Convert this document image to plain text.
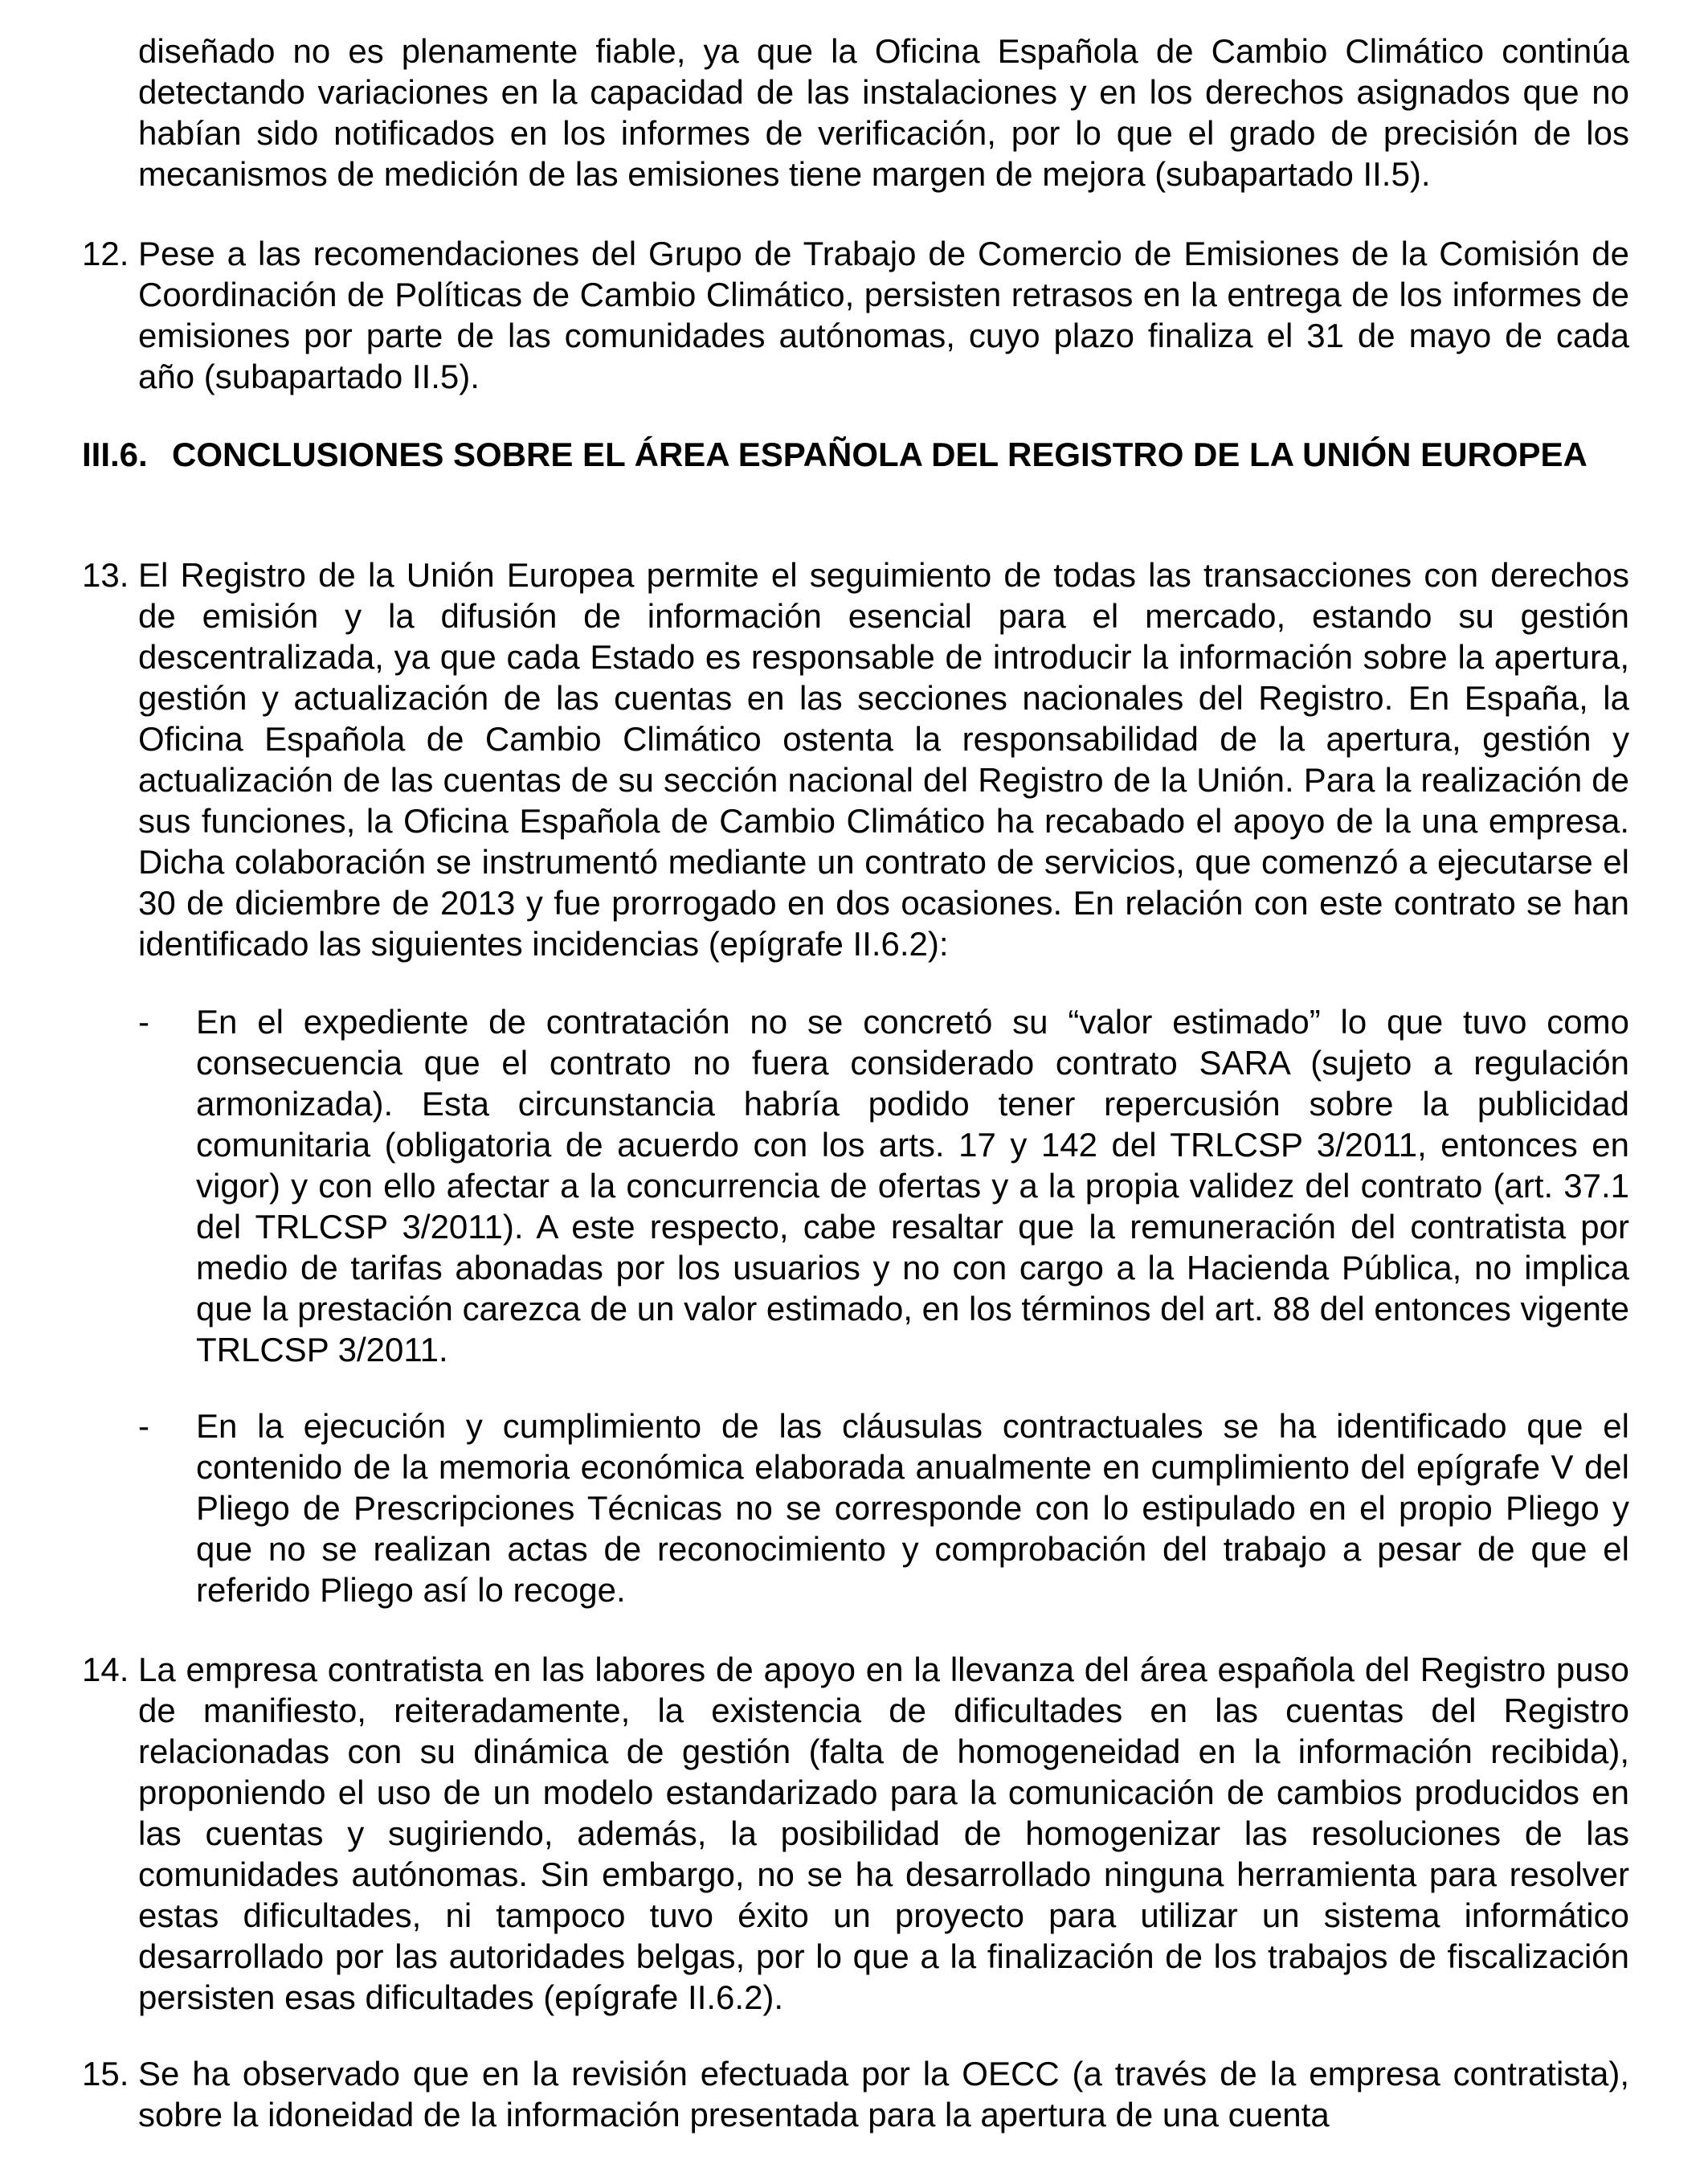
diseñado no es plenamente fiable, ya que la Oficina Española de Cambio Climático continúa detectando variaciones en la capacidad de las instalaciones y en los derechos asignados que no habían sido notificados en los informes de verificación, por lo que el grado de precisión de los mecanismos de medición de las emisiones tiene margen de mejora (subapartado II.5).
12. Pese a las recomendaciones del Grupo de Trabajo de Comercio de Emisiones de la Comisión de Coordinación de Políticas de Cambio Climático, persisten retrasos en la entrega de los informes de emisiones por parte de las comunidades autónomas, cuyo plazo finaliza el 31 de mayo de cada año (subapartado II.5).
III.6. CONCLUSIONES SOBRE EL ÁREA ESPAÑOLA DEL REGISTRO DE LA UNIÓN EUROPEA
13. El Registro de la Unión Europea permite el seguimiento de todas las transacciones con derechos de emisión y la difusión de información esencial para el mercado, estando su gestión descentralizada, ya que cada Estado es responsable de introducir la información sobre la apertura, gestión y actualización de las cuentas en las secciones nacionales del Registro. En España, la Oficina Española de Cambio Climático ostenta la responsabilidad de la apertura, gestión y actualización de las cuentas de su sección nacional del Registro de la Unión. Para la realización de sus funciones, la Oficina Española de Cambio Climático ha recabado el apoyo de la una empresa. Dicha colaboración se instrumentó mediante un contrato de servicios, que comenzó a ejecutarse el 30 de diciembre de 2013 y fue prorrogado en dos ocasiones. En relación con este contrato se han identificado las siguientes incidencias (epígrafe II.6.2):
- En el expediente de contratación no se concretó su “valor estimado” lo que tuvo como consecuencia que el contrato no fuera considerado contrato SARA (sujeto a regulación armonizada). Esta circunstancia habría podido tener repercusión sobre la publicidad comunitaria (obligatoria de acuerdo con los arts. 17 y 142 del TRLCSP 3/2011, entonces en vigor) y con ello afectar a la concurrencia de ofertas y a la propia validez del contrato (art. 37.1 del TRLCSP 3/2011). A este respecto, cabe resaltar que la remuneración del contratista por medio de tarifas abonadas por los usuarios y no con cargo a la Hacienda Pública, no implica que la prestación carezca de un valor estimado, en los términos del art. 88 del entonces vigente TRLCSP 3/2011.
- En la ejecución y cumplimiento de las cláusulas contractuales se ha identificado que el contenido de la memoria económica elaborada anualmente en cumplimiento del epígrafe V del Pliego de Prescripciones Técnicas no se corresponde con lo estipulado en el propio Pliego y que no se realizan actas de reconocimiento y comprobación del trabajo a pesar de que el referido Pliego así lo recoge.
14. La empresa contratista en las labores de apoyo en la llevanza del área española del Registro puso de manifiesto, reiteradamente, la existencia de dificultades en las cuentas del Registro relacionadas con su dinámica de gestión (falta de homogeneidad en la información recibida), proponiendo el uso de un modelo estandarizado para la comunicación de cambios producidos en las cuentas y sugiriendo, además, la posibilidad de homogenizar las resoluciones de las comunidades autónomas. Sin embargo, no se ha desarrollado ninguna herramienta para resolver estas dificultades, ni tampoco tuvo éxito un proyecto para utilizar un sistema informático desarrollado por las autoridades belgas, por lo que a la finalización de los trabajos de fiscalización persisten esas dificultades (epígrafe II.6.2).
15. Se ha observado que en la revisión efectuada por la OECC (a través de la empresa contratista), sobre la idoneidad de la información presentada para la apertura de una cuenta
